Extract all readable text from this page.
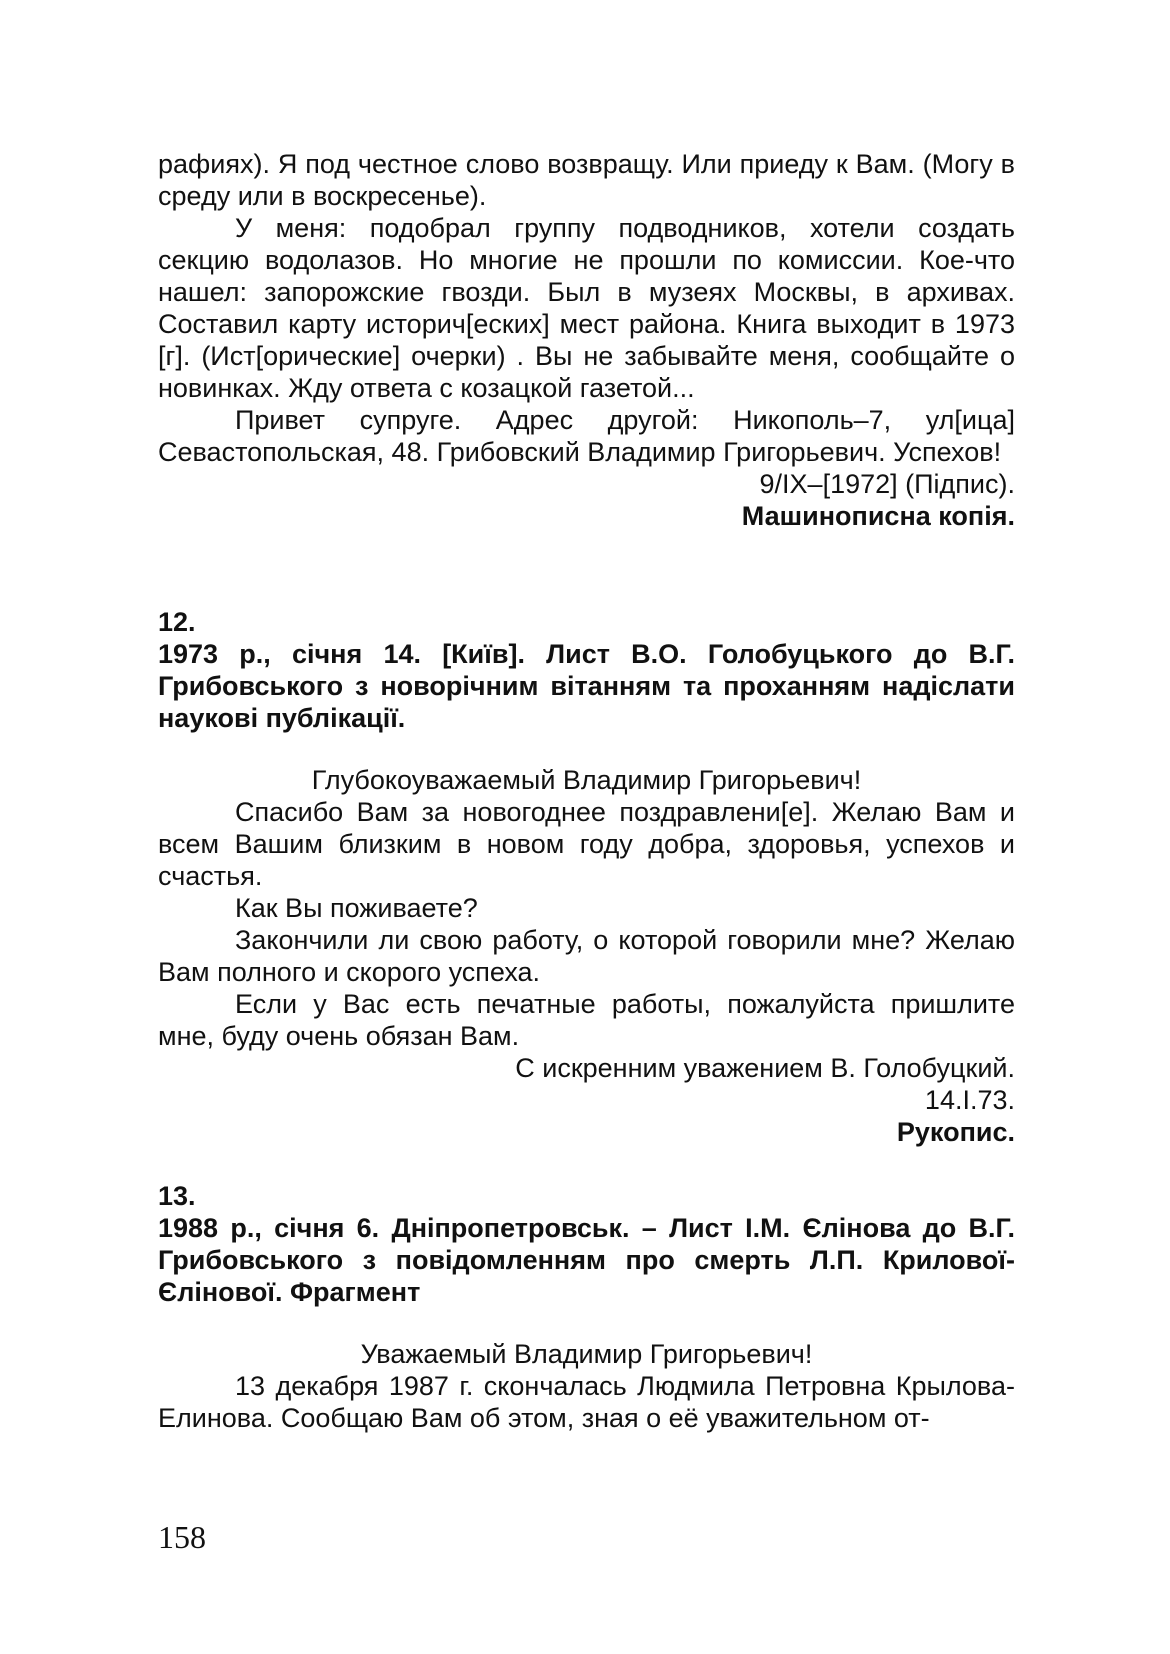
рафиях). Я под честное слово возвращу. Или приеду к Вам. (Могу в среду или в воскресенье).

У меня: подобрал группу подводников, хотели создать секцию водолазов. Но многие не прошли по комиссии. Кое-что нашел: запорожские гвозди. Был в музеях Москвы, в архивах. Составил карту историч[еских] мест района. Книга выходит в 1973 [г]. (Ист[орические] очерки) . Вы не забывайте меня, сообщайте о новинках. Жду ответа с козацкой газетой...

Привет супруге. Адрес другой: Никополь–7, ул[ица] Севастопольская, 48. Грибовский Владимир Григорьевич. Успехов!

9/IX–[1972] (Підпис).

Машинописна копія.

12.

1973 р., січня 14. [Київ]. Лист В.О. Голобуцького до В.Г. Грибовського з новорічним вітанням та проханням надіслати наукові публікації.

Глубокоуважаемый Владимир Григорьевич!

Спасибо Вам за новогоднее поздравлени[е]. Желаю Вам и всем Вашим близким в новом году добра, здоровья, успехов и счастья.

Как Вы поживаете?

Закончили ли свою работу, о которой говорили мне? Желаю Вам полного и скорого успеха.

Если у Вас есть печатные работы, пожалуйста пришлите мне, буду очень обязан Вам.

С искренним уважением В. Голобуцкий.

14.I.73.

Рукопис.

13.

1988 р., січня 6. Дніпропетровськ. – Лист І.М. Єлінова до В.Г. Грибовського з повідомленням про смерть Л.П. Крилової-Єлінової. Фрагмент

Уважаемый Владимир Григорьевич!

13 декабря 1987 г. скончалась Людмила Петровна Крылова-Елинова. Сообщаю Вам об этом, зная о её уважительном от-

158
